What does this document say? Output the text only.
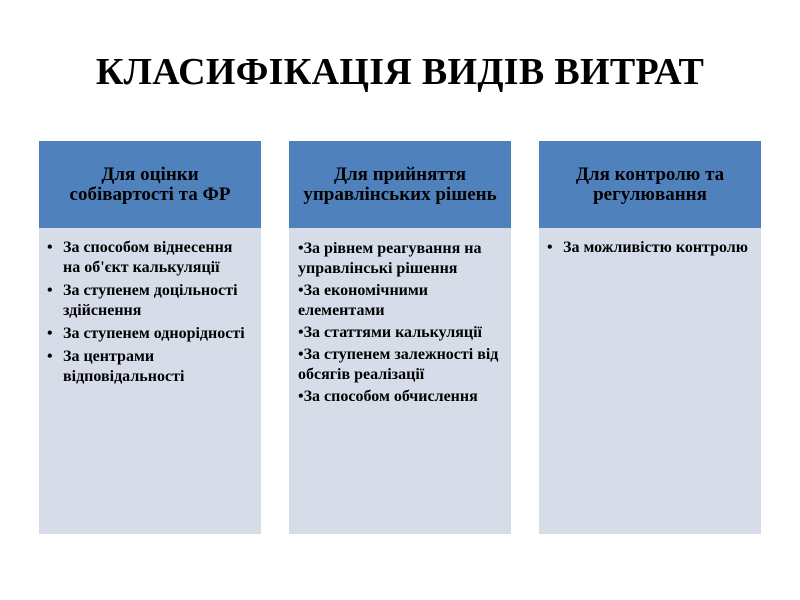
КЛАСИФІКАЦІЯ ВИДІВ ВИТРАТ
Для оцінки собівартості та ФР
• За способом віднесення на об'єкт калькуляції
• За ступенем доцільності здійснення
• За ступенем однорідності
• За центрами відповідальності
Для прийняття управлінських рішень
•За рівнем реагування на управлінські рішення
•За економічними елементами
•За статтями калькуляції
•За ступенем залежності від обсягів реалізації
•За способом обчислення
Для контролю та регулювання
• За можливістю контролю
